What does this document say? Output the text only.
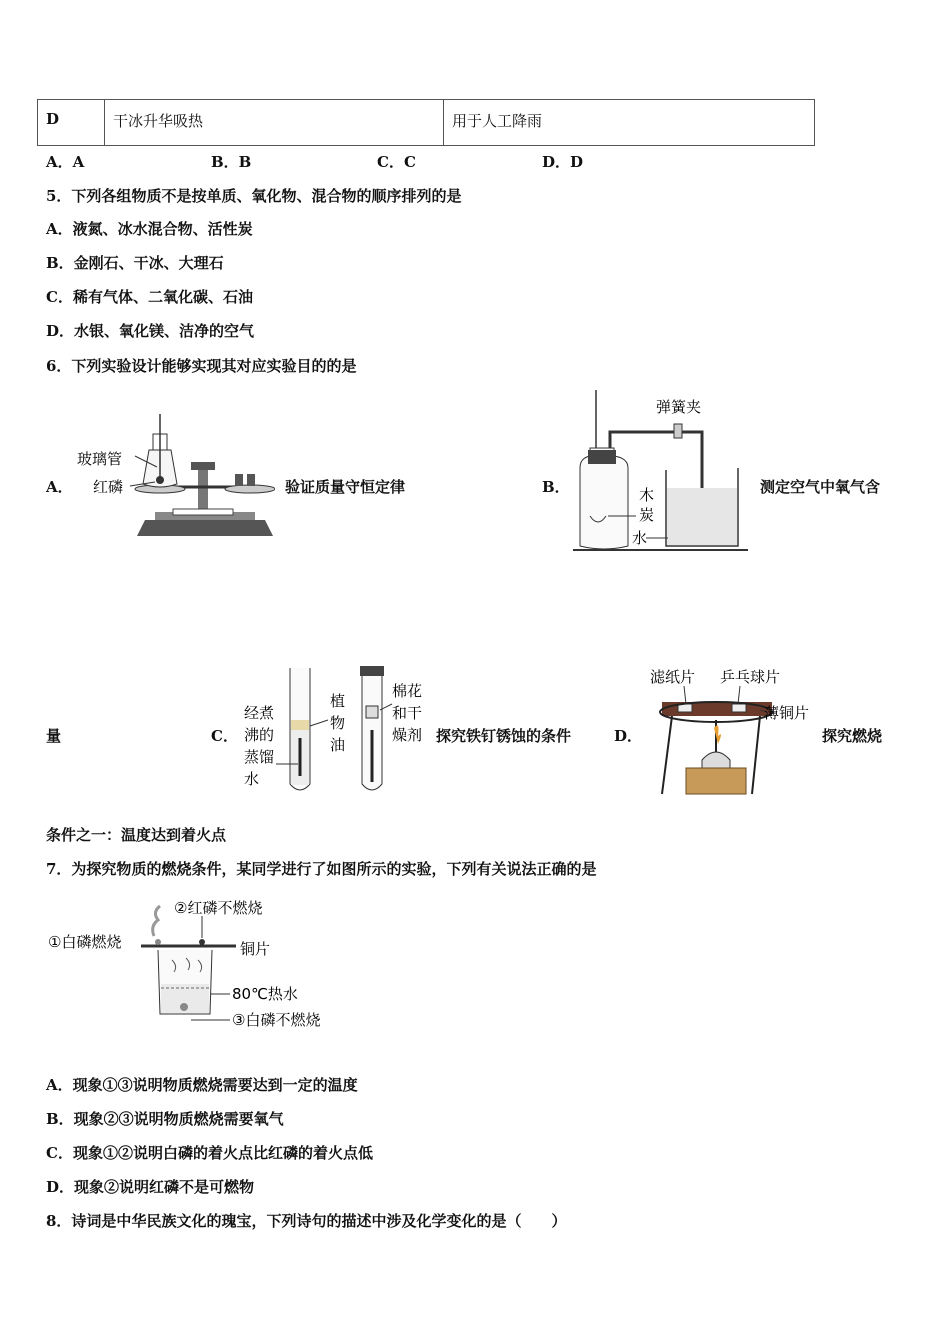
D	干冰升华吸热	用于人工降雨
A．A	B．B	C．C	D．D
5．下列各组物质不是按单质、氧化物、混合物的顺序排列的是
A．液氮、冰水混合物、活性炭
B．金刚石、干冰、大理石
C．稀有气体、二氧化碳、石油
D．水银、氧化镁、洁净的空气
6．下列实验设计能够实现其对应实验目的的是
A．
玻璃管
红磷	验证质量守恒定律	B．
弹簧夹
木
炭
水
测定空气中氧气含
量	C．
经煮
沸的
蒸馏
水
植
物
油
棉花
和干
燥剂 探究铁钉锈蚀的条件	D．
滤纸片 乒乓球片
薄铜片
探究燃烧
条件之一：温度达到着火点
7．为探究物质的燃烧条件，某同学进行了如图所示的实验，下列有关说法正确的是
②红磷不燃烧
①白磷燃烧	铜片
80℃热水
③白磷不燃烧
A．现象①③说明物质燃烧需要达到一定的温度
B．现象②③说明物质燃烧需要氧气
C．现象①②说明白磷的着火点比红磷的着火点低
D．现象②说明红磷不是可燃物
8．诗词是中华民族文化的瑰宝，下列诗句的描述中涉及化学变化的是（　　）
